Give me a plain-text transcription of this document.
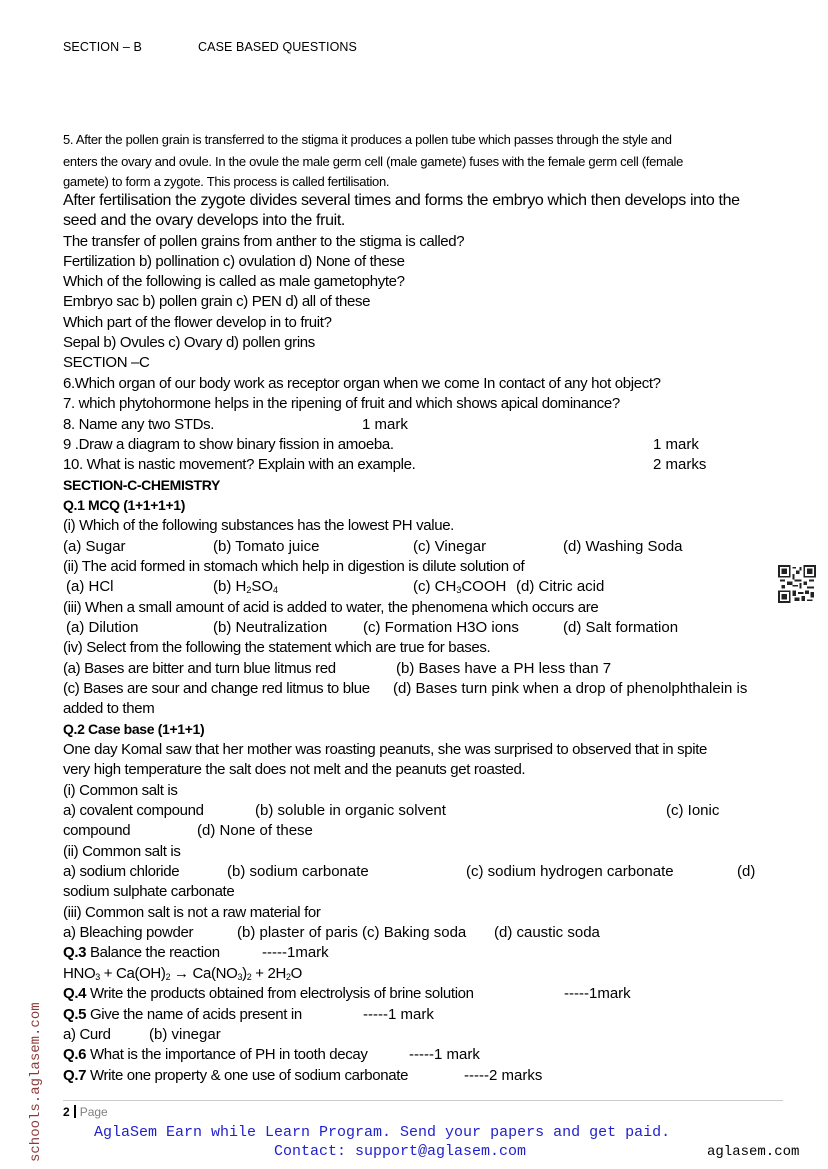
SECTION – B	CASE BASED QUESTIONS
5. After the pollen grain is transferred to the stigma it produces a pollen tube which passes through the style and
enters the ovary and ovule. In the ovule the male germ cell (male gamete) fuses with the female germ cell (female
gamete) to form a zygote. This process is called fertilisation.
After fertilisation the zygote divides several times and forms the embryo which then develops into the
seed and the ovary develops into the fruit.
The transfer of pollen grains from anther to the stigma is called?
Fertilization b) pollination c) ovulation d) None of these
Which of the following is called as male gametophyte?
Embryo sac b) pollen grain c) PEN d) all of these
Which part of the flower develop in to fruit?
Sepal b) Ovules c) Ovary d) pollen grins
SECTION –C
6.Which organ of our body work as receptor organ when we come In contact of any hot object?
7. which phytohormone helps in the ripening of fruit and which shows apical dominance?
8. Name any two STDs.	1 mark
9 .Draw a diagram to show binary fission in amoeba.	1 mark
10. What is nastic movement? Explain with an example.	2 marks
SECTION-C-CHEMISTRY
Q.1 MCQ (1+1+1+1)
(i) Which of the following substances has the lowest PH value.
(a) Sugar	(b) Tomato juice	(c) Vinegar	(d) Washing Soda
(ii) The acid formed in stomach which help in digestion is dilute solution of
(a) HCl	(b) $H_2SO_4$	(c) $CH_3COOH$ (d) Citric acid
(iii) When a small amount of acid is added to water, the phenomena which occurs are
(a) Dilution	(b) Neutralization (c) Formation H3O ions	(d) Salt formation
(iv) Select from the following the statement which are true for bases.
(a) Bases are bitter and turn blue litmus red	(b) Bases have a PH less than 7
(c) Bases are sour and change red litmus to blue (d) Bases turn pink when a drop of phenolphthalein is
added to them
Q.2 Case base (1+1+1)
One day Komal saw that her mother was roasting peanuts, she was surprised to observed that in spite
very high temperature the salt does not melt and the peanuts get roasted.
(i) Common salt is
a) covalent compound	(b) soluble in organic solvent	(c) Ionic
compound	(d) None of these
(ii) Common salt is
a) sodium chloride	(b) sodium carbonate	(c) sodium hydrogen carbonate	(d)
sodium sulphate carbonate
(iii) Common salt is not a raw material for
a) Bleaching powder	(b) plaster of paris (c) Baking soda (d) caustic soda
Q.3 Balance the reaction	-----1mark
$HNO_3 + Ca(OH)_2 \to Ca(NO_3)_2 + 2H_2O$
Q.4 Write the products obtained from electrolysis of brine solution	-----1mark
Q.5 Give the name of acids present in	-----1 mark
a) Curd	(b) vinegar
Q.6 What is the importance of PH in tooth decay	-----1 mark
Q.7 Write one property & one use of sodium carbonate	-----2 marks
2 Page
AglaSem Earn while Learn Program. Send your papers and get paid.
Contact: support@aglasem.com	aglasem.com
schools.aglasem.com
